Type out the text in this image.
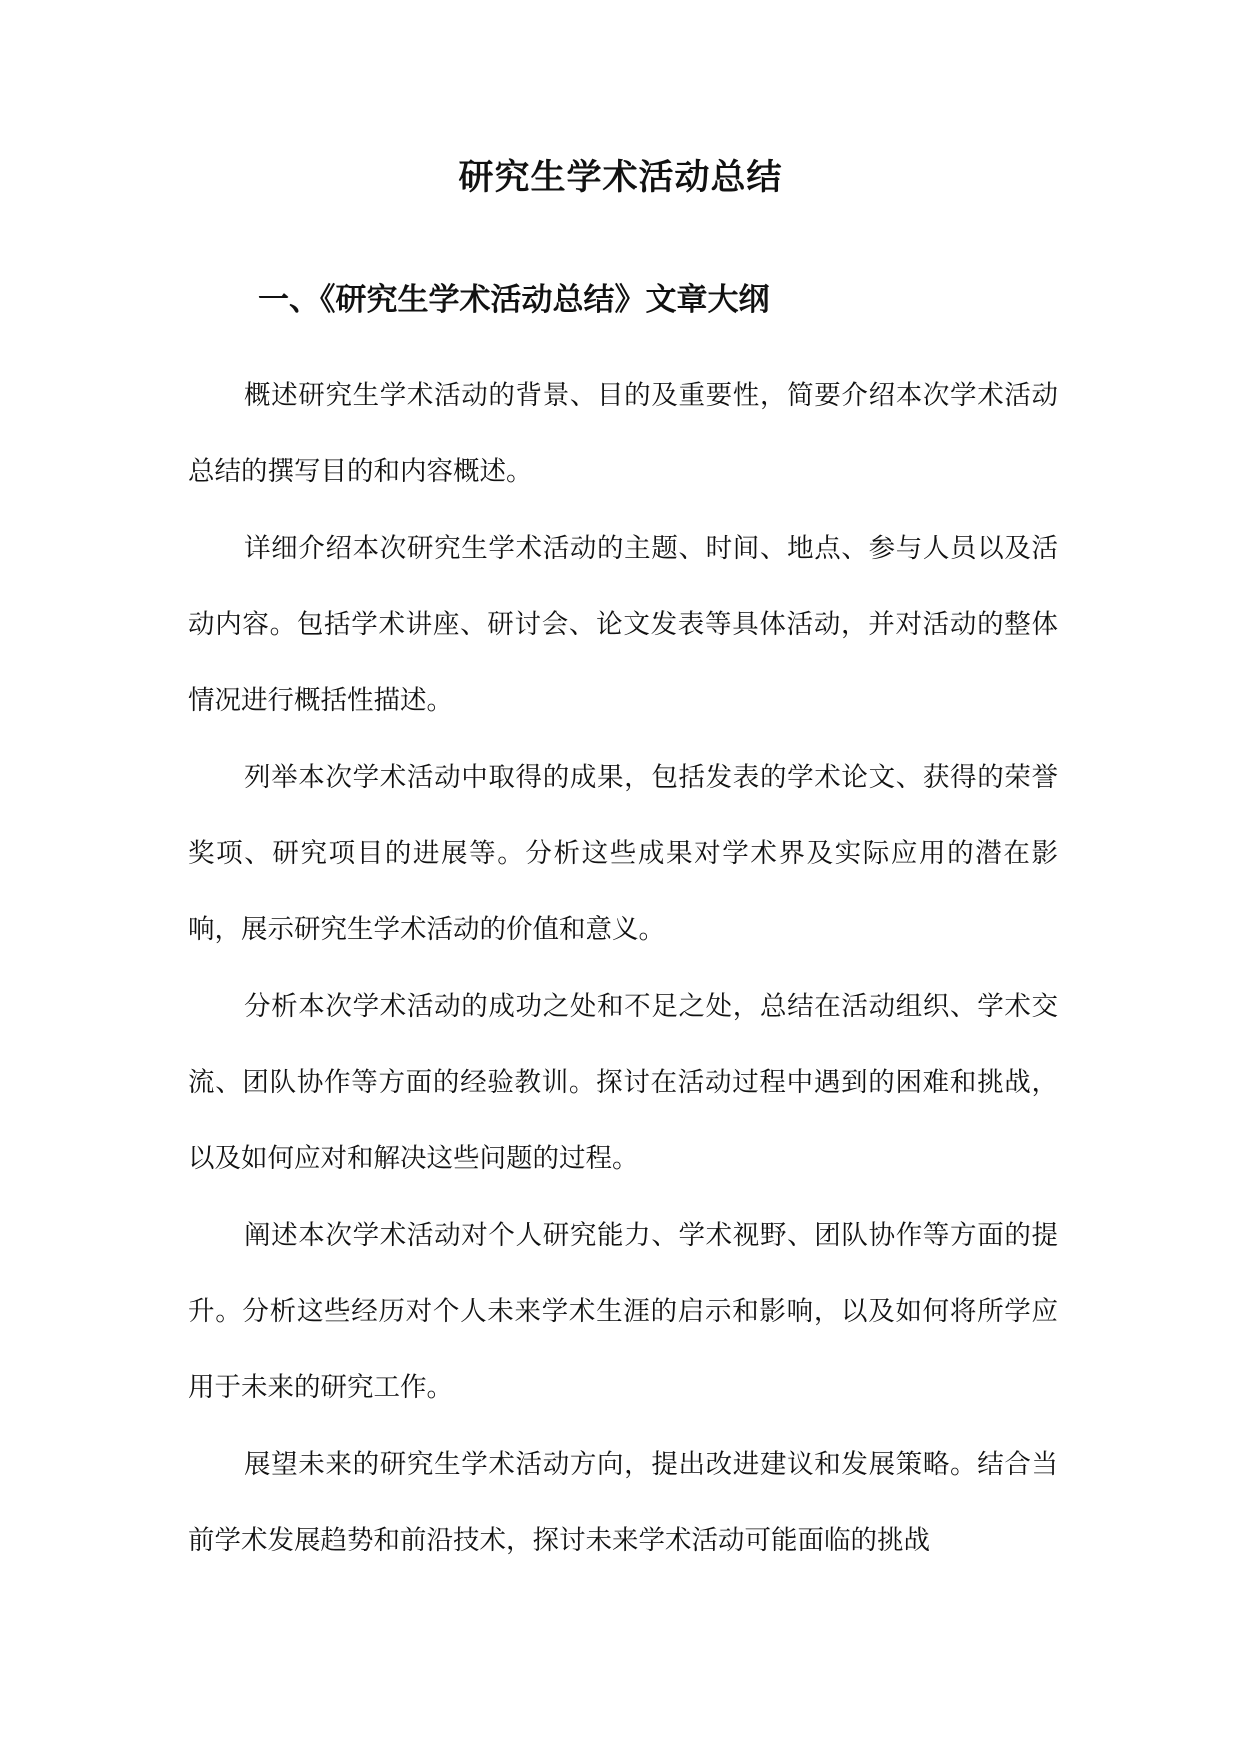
研究生学术活动总结
一、《研究生学术活动总结》文章大纲

概述研究生学术活动的背景、目的及重要性，简要介绍本次学术活动总结的撰写目的和内容概述。

详细介绍本次研究生学术活动的主题、时间、地点、参与人员以及活动内容。包括学术讲座、研讨会、论文发表等具体活动，并对活动的整体情况进行概括性描述。

列举本次学术活动中取得的成果，包括发表的学术论文、获得的荣誉奖项、研究项目的进展等。分析这些成果对学术界及实际应用的潜在影响，展示研究生学术活动的价值和意义。

分析本次学术活动的成功之处和不足之处，总结在活动组织、学术交流、团队协作等方面的经验教训。探讨在活动过程中遇到的困难和挑战，以及如何应对和解决这些问题的过程。

阐述本次学术活动对个人研究能力、学术视野、团队协作等方面的提升。分析这些经历对个人未来学术生涯的启示和影响，以及如何将所学应用于未来的研究工作。

展望未来的研究生学术活动方向，提出改进建议和发展策略。结合当前学术发展趋势和前沿技术，探讨未来学术活动可能面临的挑战
